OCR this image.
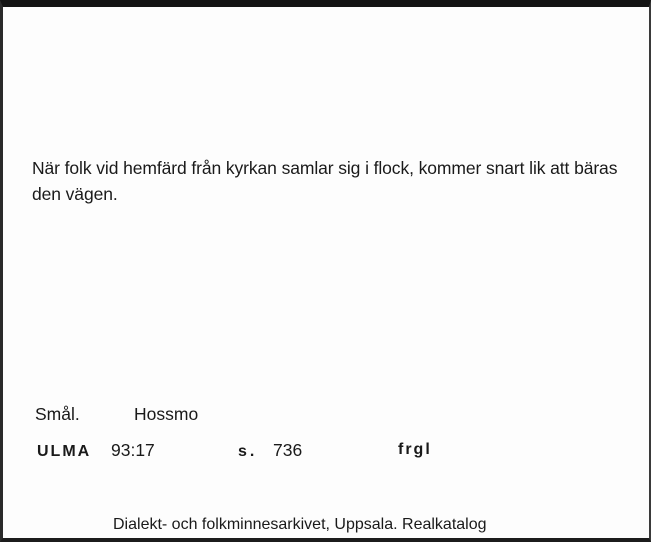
När folk vid hemfärd från kyrkan samlar sig i flock, kommer snart lik att bäras den vägen.

Smål.	Hossmo
ULMA 93:17	s. 736	frgl
Dialekt- och folkminnesarkivet, Uppsala. Realkatalog
